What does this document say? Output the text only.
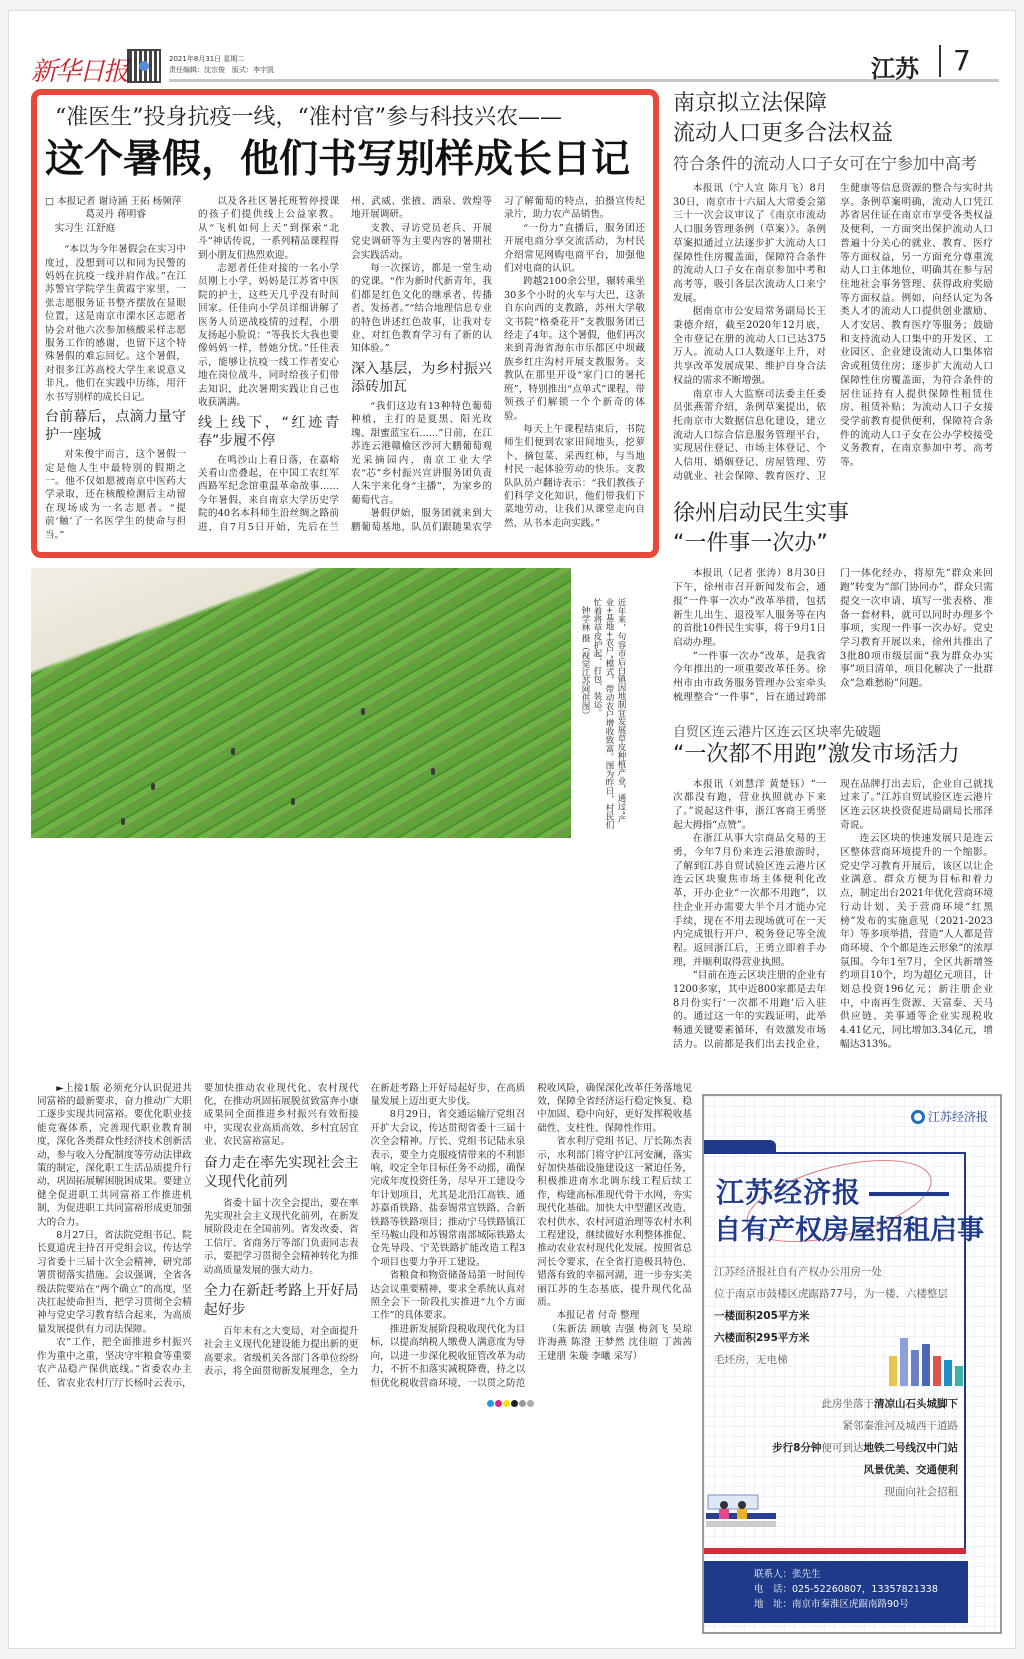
新华日报	2021年8月31日 星期二
责任编辑：沈宗俊　版式：李宇凯	江苏	7
“准医生”投身抗疫一线，“准村官”参与科技兴农——
这个暑假，他们书写别样成长日记
□ 本报记者 谢诗涵 王拓 杨频萍
葛灵丹 蒋明睿
实习生 江舒庭

“本以为今年暑假会在实习中度过，没想到可以和同为民警的妈妈在抗疫一线并肩作战。”在江苏警官学院学生黄霞宇家里，一张志愿服务证书整齐摆放在显眼位置，这是南京市溧水区志愿者协会对他六次参加核酸采样志愿服务工作的感谢，也留下这个特殊暑假的难忘回忆。这个暑假，对很多江苏高校大学生来说意义非凡。他们在实践中历练，用汗水书写别样的成长日记。

台前幕后，点滴力量守护一座城

对朱俊宇而言，这个暑假一定是他人生中最特别的假期之一。他不仅如愿被南京中医药大学录取，还在核酸检测后主动留在现场成为一名志愿者。“提前‘触’了一名医学生的使命与担当。”

以及各社区暑托班暂停授课的孩子们提供线上公益家教。从“飞机如何上天”到探索“北斗”神话传说，一系列精品课程得到小朋友们热烈欢迎。

志愿者任佳对接的一名小学员刚上小学，妈妈是江苏省中医院的护士，这些天几乎没有时间回家。任佳向小学员详细讲解了医务人员逆战疫情的过程，小朋友扬起小脸说：“等我长大我也要像妈妈一样，替她分忧。”任佳表示，能够让抗疫一线工作者安心地在岗位战斗，同时给孩子们带去知识，此次暑期实践让自己也收获满满。

线上线下，“红迹青春”步履不停

在鸣沙山上看日落，在嘉峪关看山峦叠起，在中国工农红军西路军纪念馆重温革命故事……今年暑假，来自南京大学历史学院的40名本科师生沿丝绸之路前进，自7月5日开始，先后在兰州、武威、张掖、酒泉、敦煌等地开展调研。

支教、寻访党员老兵、开展党史调研等为主要内容的暑期社会实践活动。

每一次探访，都是一堂生动的党课。“作为新时代新青年，我们都是红色文化的继承者、传播者、发扬者。”“结合地理信息专业的特色讲述红色故事，让我对专业、对红色教育学习有了新的认知体验。”

深入基层，为乡村振兴添砖加瓦

“我们这边有13种特色葡萄种植，主打的是夏黑、阳光玫瑰、甜蜜蓝宝石……”日前，在江苏连云港赣榆区沙河大鹏葡萄观光采摘园内，南京工业大学农“芯”乡村振兴宣讲服务团负责人朱宇来化身“主播”，为家乡的葡萄代言。

暑假伊始，服务团就来到大鹏葡萄基地，队员们跟随果农学习了解葡萄的特点，拍摄宣传纪录片，助力农产品销售。

“一份力”直播后，服务团还开展电商分享交流活动，为村民介绍常见网购电商平台，加强他们对电商的认识。

跨越2100余公里，辗转乘坐30多个小时的火车与大巴，这条自东向西的支教路，苏州大学敬文书院“格桑花开”支教服务团已经走了4年。这个暑假，他们再次来到青海省海东市乐都区中坝藏族乡红庄沟村开展支教服务。支教队在那里开设“家门口的暑托班”，特别推出“点单式”课程，带领孩子们解锁一个个新奇的体验。

每天上午课程结束后，书院师生们便到农家田间地头，挖萝卜、摘包菜、采西红柿，与当地村民一起体验劳动的快乐。支教队队员卢翻诗表示：“我们教孩子们科学文化知识，他们带我们下菜地劳动，让我们从课堂走向自然，从书本走向实践。”

近年来，句容市后白镇因地制宜发展草皮种植产业，通过“产业+基地+农户”模式，带动农户增收致富。图为昨日，村民们忙着将草皮护起、打包、装运。 钟学林 摄（视觉江苏网供图）
南京拟立法保障
流动人口更多合法权益
符合条件的流动人口子女可在宁参加中高考

本报讯（宁人宣 陈月飞）8月30日，南京市十六届人大常委会第三十一次会议审议了《南京市流动人口服务管理条例（草案）》。条例草案拟通过立法逐步扩大流动人口保障性住房覆盖面，保障符合条件的流动人口子女在南京参加中考和高考等，吸引各层次流动人口来宁发展。

据南京市公安局常务副局长王秉德介绍，截至2020年12月底，全市登记在册的流动人口已达375万人。流动人口人数逐年上升，对共享改革发展成果、维护自身合法权益的需求不断增强。

南京市人大监察司法委主任委员张燕蕾介绍，条例草案提出，依托南京市大数据信息化建设，建立流动人口综合信息服务管理平台，实现居住登记、市场主体登记、个人信用、婚姻登记、房屋管理、劳动就业、社会保障、教育医疗、卫生健康等信息资源的整合与实时共享。条例草案明确，流动人口凭江苏省居住证在南京市享受各类权益及便利，一方面突出保护流动人口普遍十分关心的就业、教育、医疗等方面权益，另一方面充分尊重流动人口主体地位，明确其在参与居住地社会事务管理、获得政府奖励等方面权益。例如，向经认定为各类人才的流动人口提供创业激励、人才安居、教育医疗等服务；鼓励和支持流动人口集中的开发区、工业园区、企业建设流动人口集体宿舍或租赁住房；逐步扩大流动人口保障性住房覆盖面，为符合条件的居住证持有人提供保障性租赁住房、租赁补贴；为流动人口子女接受学前教育提供便利，保障符合条件的流动人口子女在公办学校接受义务教育，在南京参加中考、高考等。

徐州启动民生实事
“一件事一次办”

本报讯（记者 张涛）8月30日下午，徐州市召开新闻发布会，通报“一件事一次办”改革举措，包括新生儿出生、退役军人服务等在内的首批10件民生实事，将于9月1日启动办理。

“一件事一次办”改革，是我省今年推出的一项重要改革任务。徐州市由市政务服务管理办公室牵头梳理整合“一件事”，旨在通过跨部门一体化经办，将原先“群众来回跑”转变为“部门协同办”，群众只需提交一次申请、填写一张表格、准备一套材料，就可以同时办理多个事项，实现一件事一次办好。党史学习教育开展以来，徐州共推出了3批80项市级层面“我为群众办实事”项目清单，项目化解决了一批群众“急难愁盼”问题。

自贸区连云港片区连云区块率先破题
“一次都不用跑”激发市场活力

本报讯（刘慧洋 黄楚钰）“一次都没有跑，营业执照就办下来了。”说起这件事，浙江客商王勇竖起大拇指“点赞”。

在浙江从事大宗商品交易的王勇，今年7月份来连云港旅游时，了解到江苏自贸试验区连云港片区连云区块聚焦市场主体便利化改革，开办企业“一次都不用跑”，以往企业开办需要大半个月才能办完手续，现在不用去现场就可在一天内完成银行开户、税务登记等全流程。返回浙江后，王勇立即着手办理，并顺利取得营业执照。

“目前在连云区块注册的企业有1200多家，其中近800家都是去年8月份实行‘一次都不用跑’后入驻的。通过这一年的实践证明，此举畅通关键要素循环，有效激发市场活力。以前都是我们出去找企业，现在品牌打出去后，企业自己就找过来了。”江苏自贸试验区连云港片区连云区块投资促进局副局长邢泽奇说。

连云区块的快速发展只是连云区整体营商环境提升的一个缩影。党史学习教育开展后，该区以让企业满意、群众方便为目标和着力点，制定出台2021年优化营商环境行动计划、关于营商环境“红黑榜”发布的实施意见（2021-2023年）等多项举措，营造“人人都是营商环境、个个都是连云形象”的浓厚氛围。今年1至7月，全区共新增签约项目10个，均为超亿元项目，计划总投资196亿元；新注册企业中，中南再生资源、天富泰、天马供应链、美事通等企业实现税收4.41亿元，同比增加3.34亿元，增幅达313%。

►上接1版 必须充分认识促进共同富裕的最新要求，奋力推动广大职工逐步实现共同富裕。要优化职业技能竞赛体系，完善现代职业教育制度，深化各类群众性经济技术创新活动，参与收入分配制度等劳动法律政策的制定，深化职工生活品质提升行动，巩固拓展解困脱困成果。要建立健全促进职工共同富裕工作推进机制，为促进职工共同富裕形成更加强大的合力。

8月27日，省法院党组书记、院长夏道虎主持召开党组会议，传达学习省委十三届十次全会精神，研究部署贯彻落实措施。会议强调，全省各级法院要站在“两个确立”的高度，坚决扛起使命担当，把学习贯彻全会精神与党史学习教育结合起来，为高质量发展提供有力司法保障。

农”工作，把全面推进乡村振兴作为重中之重，坚决守牢粮食等重要农产品稳产保供底线。”省委农办主任、省农业农村厅厅长杨时云表示，要加快推动农业现代化、农村现代化，在推动巩固拓展脱贫致富奔小康成果同全面推进乡村振兴有效衔接中，实现农业高质高效、乡村宜居宜业、农民富裕富足。

奋力走在率先实现社会主义现代化前列

省委十届十次全会提出，要在率先实现社会主义现代化前列，在新发展阶段走在全国前列。省发改委、省工信厅、省商务厅等部门负责同志表示，要把学习贯彻全会精神转化为推动高质量发展的强大动力。

全力在新赶考路上开好局起好步

百年未有之大变局，对全面提升社会主义现代化建设能力提出新的更高要求。省级机关各部门各单位纷纷表示，将全面贯彻新发展理念，全力在新赶考路上开好局起好步，在高质量发展上迈出更大步伐。

8月29日，省交通运输厅党组召开扩大会议，传达贯彻省委十三届十次全会精神。厅长、党组书记陆永泉表示，要全力克服疫情带来的不利影响，咬定全年目标任务不动摇，确保完成年度投资任务，尽早开工建设今年计划项目，尤其是北沿江高铁、通苏嘉甬铁路、盐泰锡常宜铁路、合新铁路等铁路项目；推动宁马铁路镇江至马鞍山段和苏锡常南部城际铁路太仓先导段、宁芜铁路扩能改造工程3个项目也要力争开工建设。

省粮食和物资储备局第一时间传达会议重要精神，要求全系统认真对照全会下一阶段扎实推进“九个方面工作”的具体要求。

推进新发展阶段税收现代化为目标，以提高纳税人缴费人满意度为导向，以进一步深化税收征管改革为动力，不折不扣落实减税降费，持之以恒优化税收营商环境，一以贯之防范税收风险，确保深化改革任务落地见效，保障全省经济运行稳定恢复、稳中加固、稳中向好，更好发挥税收基础性、支柱性、保障性作用。

省水利厅党组书记、厅长陈杰表示，水利部门将守护江河安澜，落实好加快基础设施建设这一紧迫任务，积极推进南水北调东线工程后续工作，构建高标准现代骨干水网，夯实现代化基础。加快大中型灌区改造、农村供水、农村河道治理等农村水利工程建设，继续做好水利整体推促、推动农业农村现代化发展。按照省总河长令要求，在全省打造极具特色、错落有致的幸福河湖，进一步夯实美丽江苏的生态基底，提升现代化品质。

本报记者 付奇 整理

（朱新法 顾敏 吉强 梅剑飞 吴琼 许海燕 陈澄 王梦然 沈佳暄 丁茜茜 王建朋 朱璇 李曦 采写）

江苏经济报
江苏经济报
自有产权房屋招租启事
江苏经济报社自有产权办公用房一处
位于南京市鼓楼区虎踞路77号，为一楼、六楼整层
一楼面积205平方米
六楼面积295平方米
毛坯房，无电梯
此房坐落于清凉山石头城脚下
紧邻秦淮河及城西干道路
步行8分钟便可到达地铁二号线汉中门站
风景优美、交通便利
现面向社会招租
联系人：张先生
电　话：025-52260807，13357821338
地　址：南京市秦淮区虎踞南路90号
